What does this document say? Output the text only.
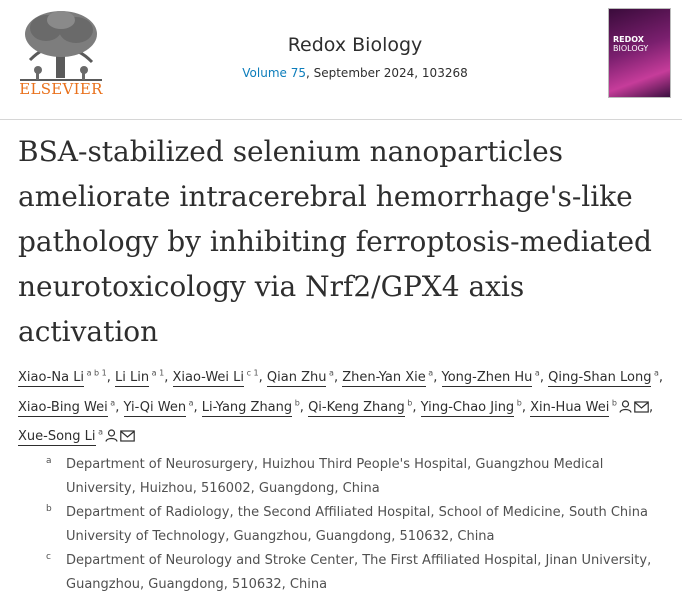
ELSEVIER
Redox Biology
Volume 75, September 2024, 103268
REDOX
BIOLOGY
BSA-stabilized selenium nanoparticles ameliorate intracerebral hemorrhage's-like pathology by inhibiting ferroptosis-mediated neurotoxicology via Nrf2/GPX4 axis activation
Xiao-Na Li $^{a b 1}$, Li Lin $^{a 1}$, Xiao-Wei Li $^{c 1}$, Qian Zhu $^a$, Zhen-Yan Xie $^a$, Yong-Zhen Hu $^a$, Qing-Shan Long $^a$, Xiao-Bing Wei $^a$, Yi-Qi Wen $^a$, Li-Yang Zhang $^b$, Qi-Keng Zhang $^b$, Ying-Chao Jing $^b$, Xin-Hua Wei $^b$ , Xue-Song Li $^a$
a Department of Neurosurgery, Huizhou Third People's Hospital, Guangzhou Medical University, Huizhou, 516002, Guangdong, China
b Department of Radiology, the Second Affiliated Hospital, School of Medicine, South China University of Technology, Guangzhou, Guangdong, 510632, China
c Department of Neurology and Stroke Center, The First Affiliated Hospital, Jinan University, Guangzhou, Guangdong, 510632, China
